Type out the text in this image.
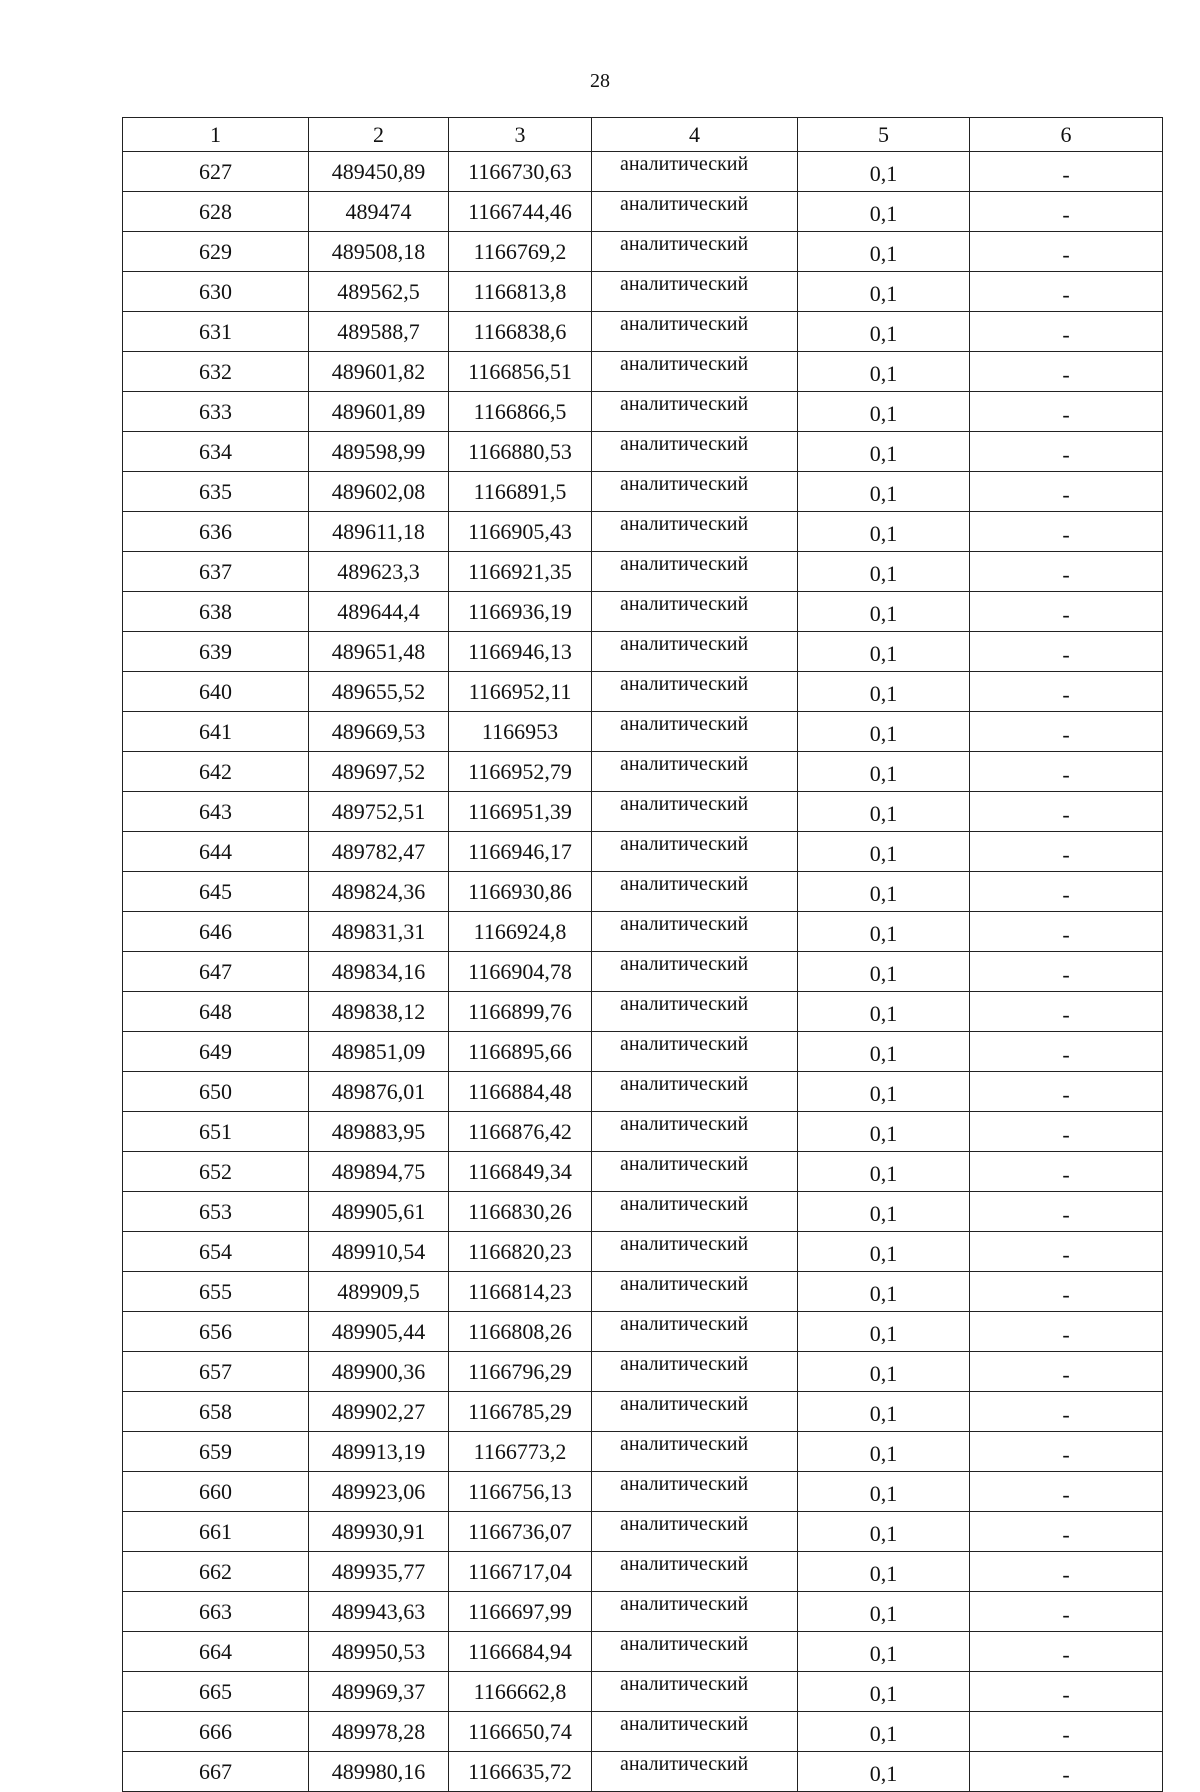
28
1	2	3	4	5	6
627	489450,89	1166730,63	аналитический	0,1	-
628	489474	1166744,46	аналитический	0,1	-
629	489508,18	1166769,2	аналитический	0,1	-
630	489562,5	1166813,8	аналитический	0,1	-
631	489588,7	1166838,6	аналитический	0,1	-
632	489601,82	1166856,51	аналитический	0,1	-
633	489601,89	1166866,5	аналитический	0,1	-
634	489598,99	1166880,53	аналитический	0,1	-
635	489602,08	1166891,5	аналитический	0,1	-
636	489611,18	1166905,43	аналитический	0,1	-
637	489623,3	1166921,35	аналитический	0,1	-
638	489644,4	1166936,19	аналитический	0,1	-
639	489651,48	1166946,13	аналитический	0,1	-
640	489655,52	1166952,11	аналитический	0,1	-
641	489669,53	1166953	аналитический	0,1	-
642	489697,52	1166952,79	аналитический	0,1	-
643	489752,51	1166951,39	аналитический	0,1	-
644	489782,47	1166946,17	аналитический	0,1	-
645	489824,36	1166930,86	аналитический	0,1	-
646	489831,31	1166924,8	аналитический	0,1	-
647	489834,16	1166904,78	аналитический	0,1	-
648	489838,12	1166899,76	аналитический	0,1	-
649	489851,09	1166895,66	аналитический	0,1	-
650	489876,01	1166884,48	аналитический	0,1	-
651	489883,95	1166876,42	аналитический	0,1	-
652	489894,75	1166849,34	аналитический	0,1	-
653	489905,61	1166830,26	аналитический	0,1	-
654	489910,54	1166820,23	аналитический	0,1	-
655	489909,5	1166814,23	аналитический	0,1	-
656	489905,44	1166808,26	аналитический	0,1	-
657	489900,36	1166796,29	аналитический	0,1	-
658	489902,27	1166785,29	аналитический	0,1	-
659	489913,19	1166773,2	аналитический	0,1	-
660	489923,06	1166756,13	аналитический	0,1	-
661	489930,91	1166736,07	аналитический	0,1	-
662	489935,77	1166717,04	аналитический	0,1	-
663	489943,63	1166697,99	аналитический	0,1	-
664	489950,53	1166684,94	аналитический	0,1	-
665	489969,37	1166662,8	аналитический	0,1	-
666	489978,28	1166650,74	аналитический	0,1	-
667	489980,16	1166635,72	аналитический	0,1	-
